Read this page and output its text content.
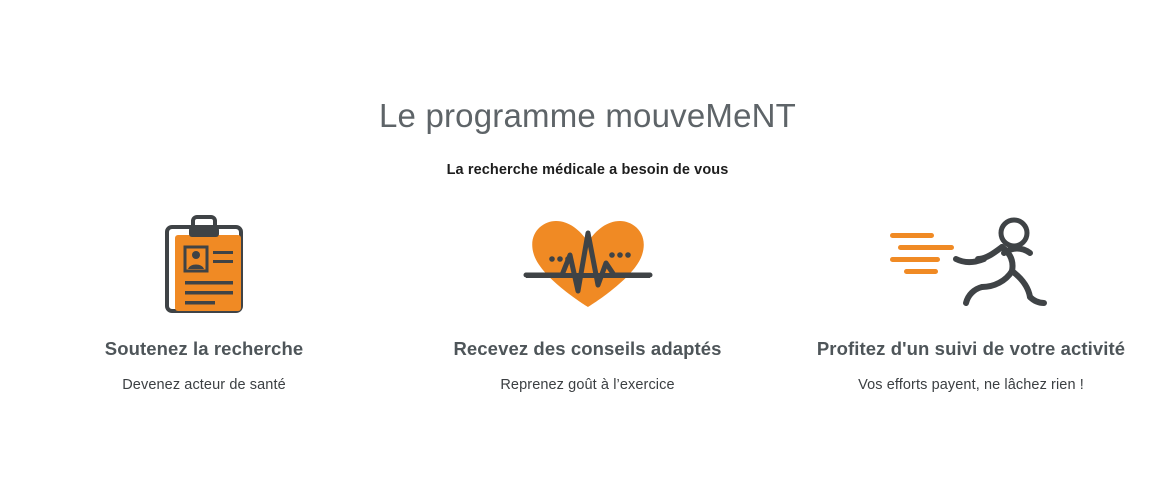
Le programme mouveMeNT

La recherche médicale a besoin de vous

Soutenez la recherche

Devenez acteur de santé

Recevez des conseils adaptés

Reprenez goût à l’exercice

Profitez d'un suivi de votre activité

Vos efforts payent, ne lâchez rien !
